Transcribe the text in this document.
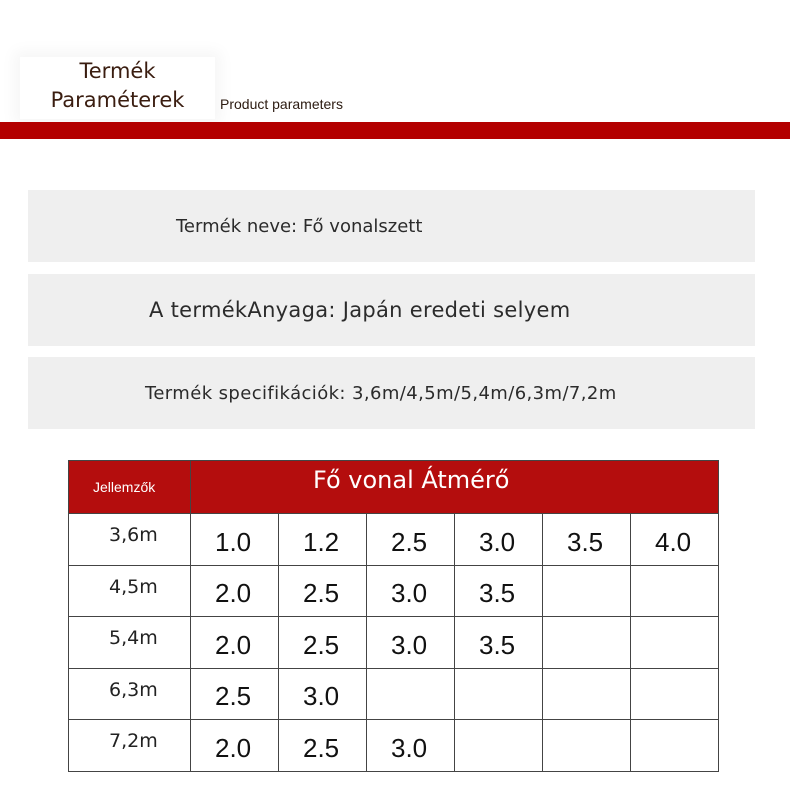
Termék
Paraméterek	Product parameters
Termék neve: Fő vonalszett
A termékAnyaga: Japán eredeti selyem
Termék specifikációk: 3,6m/4,5m/5,4m/6,3m/7,2m
Jellemzők	Fő vonal Átmérő					
3,6m	1.0	1.2	2.5	3.0	3.5	4.0
4,5m	2.0	2.5	3.0	3.5		
5,4m	2.0	2.5	3.0	3.5		
6,3m	2.5	3.0				
7,2m	2.0	2.5	3.0			
